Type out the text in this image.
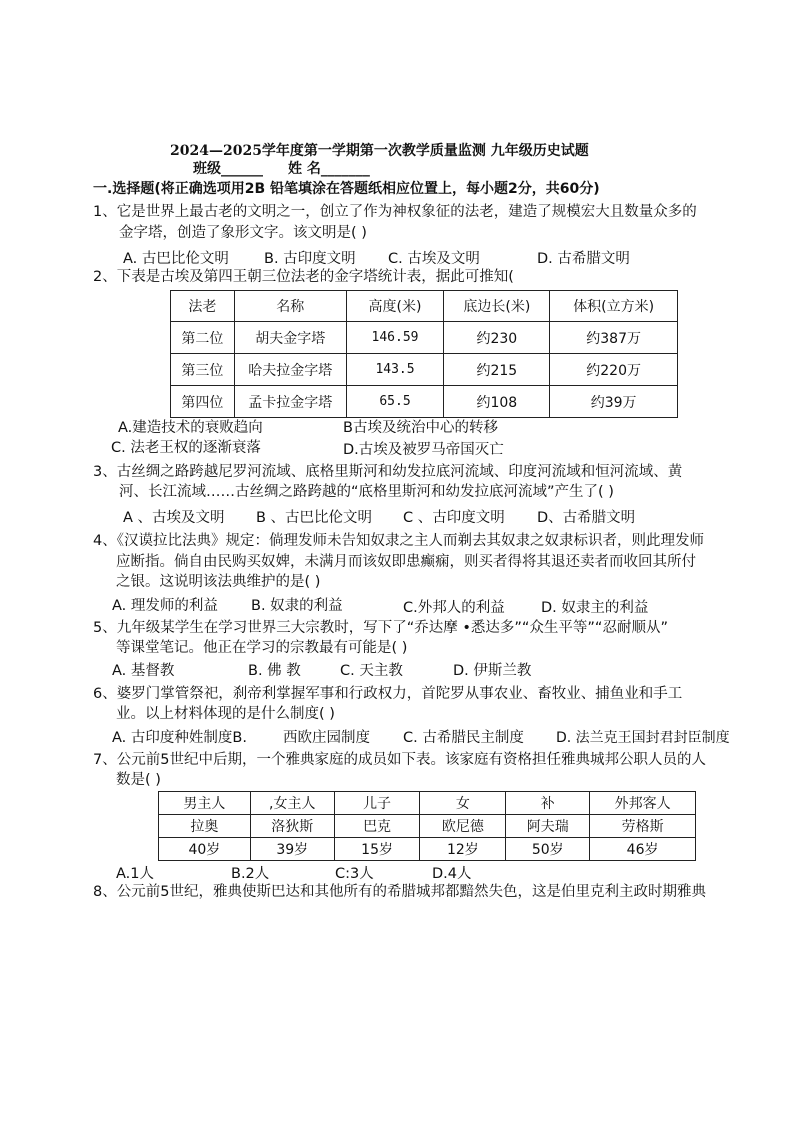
2024—2025学年度第一学期第一次教学质量监测 九年级历史试题
班级______ 姓 名_______
一.选择题(将正确选项用2B 铅笔填涂在答题纸相应位置上，每小题2分，共60分)
1、它是世界上最古老的文明之一，创立了作为神权象征的法老，建造了规模宏大且数量众多的
金字塔，创造了象形文字。该文明是( )
A. 古巴比伦文明 B. 古印度文明 C. 古埃及文明	D. 古希腊文明
2、下表是古埃及第四王朝三位法老的金字塔统计表，据此可推知(
法老	名称	高度(米)	底边长(米)	体积(立方米)
第二位	胡夫金字塔	146.59	约230	约387万
第三位	哈夫拉金字塔	143.5	约215	约220万
第四位	孟卡拉金字塔	65.5	约108	约39万
A.建造技术的衰败趋向	B古埃及统治中心的转移
C. 法老王权的逐渐衰落	D.古埃及被罗马帝国灭亡
3、古丝绸之路跨越尼罗河流域、底格里斯河和幼发拉底河流域、印度河流域和恒河流域、黄
河、长江流域……古丝绸之路跨越的“底格里斯河和幼发拉底河流域”产生了( )
A 、古埃及文明 B 、古巴比伦文明 C 、古印度文明 D、古希腊文明
4、《汉谟拉比法典》规定：倘理发师未告知奴隶之主人而剃去其奴隶之奴隶标识者，则此理发师
应断指。倘自由民购买奴婢，未满月而该奴即患癫痫，则买者得将其退还卖者而收回其所付
之银。这说明该法典维护的是( )
A. 理发师的利益 B. 奴隶的利益	C.外邦人的利益	D. 奴隶主的利益
5、九年级某学生在学习世界三大宗教时，写下了“乔达摩 •悉达多”“众生平等”“忍耐顺从”
等课堂笔记。他正在学习的宗教最有可能是( )
A. 基督教	B. 佛 教	C. 天主教	D. 伊斯兰教
6、婆罗门掌管祭祀，刹帝利掌握军事和行政权力，首陀罗从事农业、畜牧业、捕鱼业和手工
业。以上材料体现的是什么制度( )
A. 古印度种姓制度B. 西欧庄园制度 C. 古希腊民主制度 D. 法兰克王国封君封臣制度
7、公元前5世纪中后期，一个雅典家庭的成员如下表。该家庭有资格担任雅典城邦公职人员的人
数是( )
男主人	,女主人	儿子	女	补	外邦客人
拉奥	洛狄斯	巴克	欧尼德	阿夫瑞	劳格斯
40岁	39岁	15岁	12岁	50岁	46岁
A.1人	B.2人	C:3人	D.4人
8、公元前5世纪，雅典使斯巴达和其他所有的希腊城邦都黯然失色，这是伯里克利主政时期雅典
